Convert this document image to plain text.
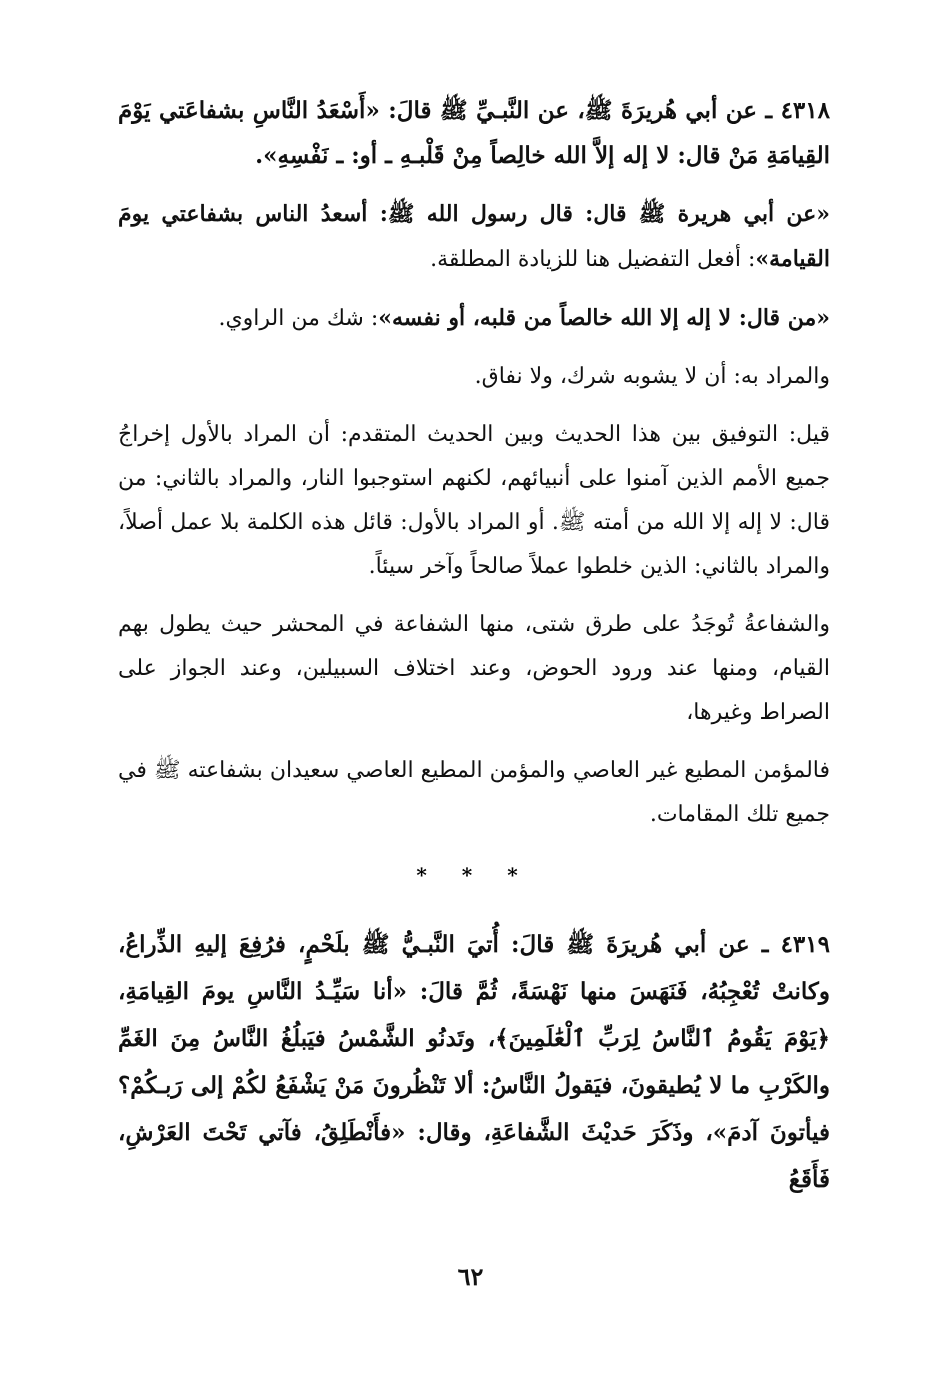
٤٣١٨ ـ عن أبي هُريرَةَ ﷺ، عن النَّبـيِّ ﷺ قالَ: «أَسْعَدُ النَّاسِ بشفاعَتي يَوْمَ القِيامَةِ مَنْ قال: لا إله إلاَّ الله خالِصاً مِنْ قَلْبـهِ ـ أو: ـ نَفْسِهِ».

«عن أبي هريرة ﷺ قال: قال رسول الله ﷺ: أسعدُ الناس بشفاعتي يومَ القيامة»: أفعل التفضيل هنا للزيادة المطلقة.

«من قال: لا إله إلا الله خالصاً من قلبه، أو نفسه»: شك من الراوي.

والمراد به: أن لا يشوبه شرك، ولا نفاق.

قيل: التوفيق بين هذا الحديث وبين الحديث المتقدم: أن المراد بالأول إخراجُ جميع الأمم الذين آمنوا على أنبيائهم، لكنهم استوجبوا النار، والمراد بالثاني: من قال: لا إله إلا الله من أمته ﷺ. أو المراد بالأول: قائل هذه الكلمة بلا عمل أصلاً، والمراد بالثاني: الذين خلطوا عملاً صالحاً وآخر سيئاً.

والشفاعةُ تُوجَدُ على طرق شتى، منها الشفاعة في المحشر حيث يطول بهم القيام، ومنها عند ورود الحوض، وعند اختلاف السبيلين، وعند الجواز على الصراط وغيرها،

فالمؤمن المطيع غير العاصي والمؤمن المطيع العاصي سعيدان بشفاعته ﷺ في جميع تلك المقامات.

* * *

٤٣١٩ ـ عن أبي هُريرَةَ ﷺ قالَ: أُتيَ النَّبـيُّ ﷺ بلَحْمٍ، فرُفِعَ إليهِ الذِّراعُ، وكانتْ تُعْجِبُهُ، فَنَهَسَ منها نَهْسَةً، ثُمَّ قالَ: «أنا سَيِّـدُ النَّاسِ يومَ القِيامَةِ، ﴿يَوْمَ يَقُومُ ٱلنَّاسُ لِرَبِّ ٱلْعَٰلَمِينَ﴾، وتَدنُو الشَّمْسُ فيَبلُغُ النَّاسُ مِنَ الغَمِّ والكَرْبِ ما لا يُطيقونَ، فيَقولُ النَّاسُ: ألا تَنْظُرونَ مَنْ يَشْفَعُ لكُمْ إلى رَبـكُمْ؟ فيأتونَ آدمَ»، وذَكَرَ حَديْثَ الشَّفاعَةِ، وقال: «فأَنْطَلِقُ، فآتي تَحْتَ العَرْشِ، فَأَقَعُ

٦٢
